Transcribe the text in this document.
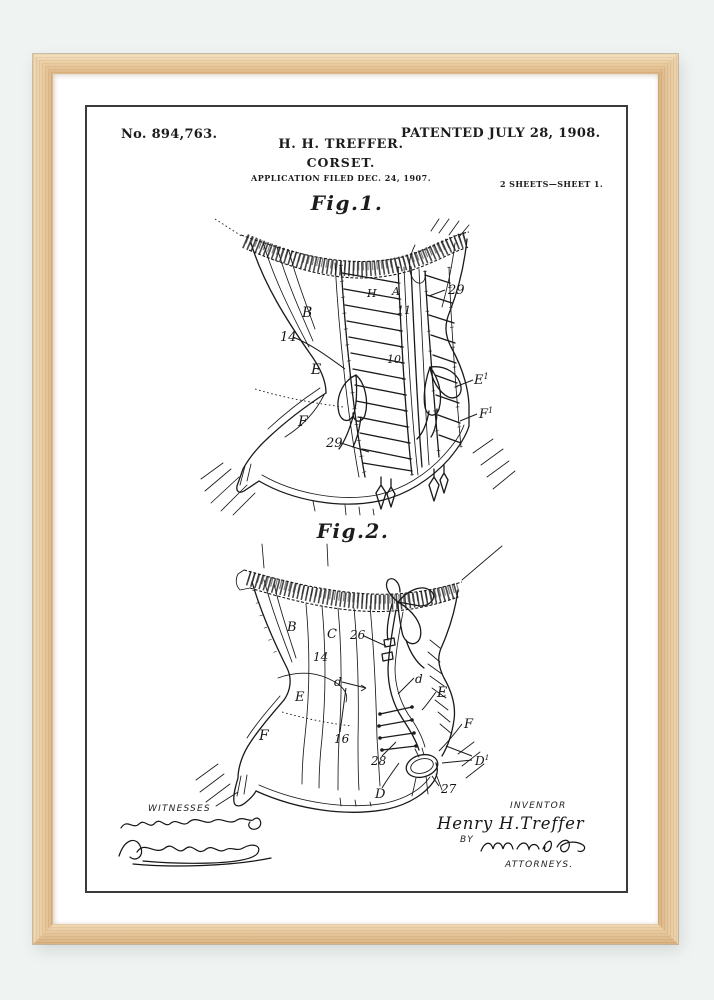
No. 894,763.	PATENTED JULY 28, 1908.
H. H. TREFFER.
CORSET.
APPLICATION FILED DEC. 24, 1907.
2 SHEETS—SHEET 1.
Fig.1.
Fig.2.
B
14
H A
11
10
E
F
29
29
$E^1$
$F^1$
B C 26
14
d	d
E
E
F	16
F
28	$D^1$
D	27
WITNESSES	INVENTOR
Henry H.Treffer
BY
ATTORNEYS.
